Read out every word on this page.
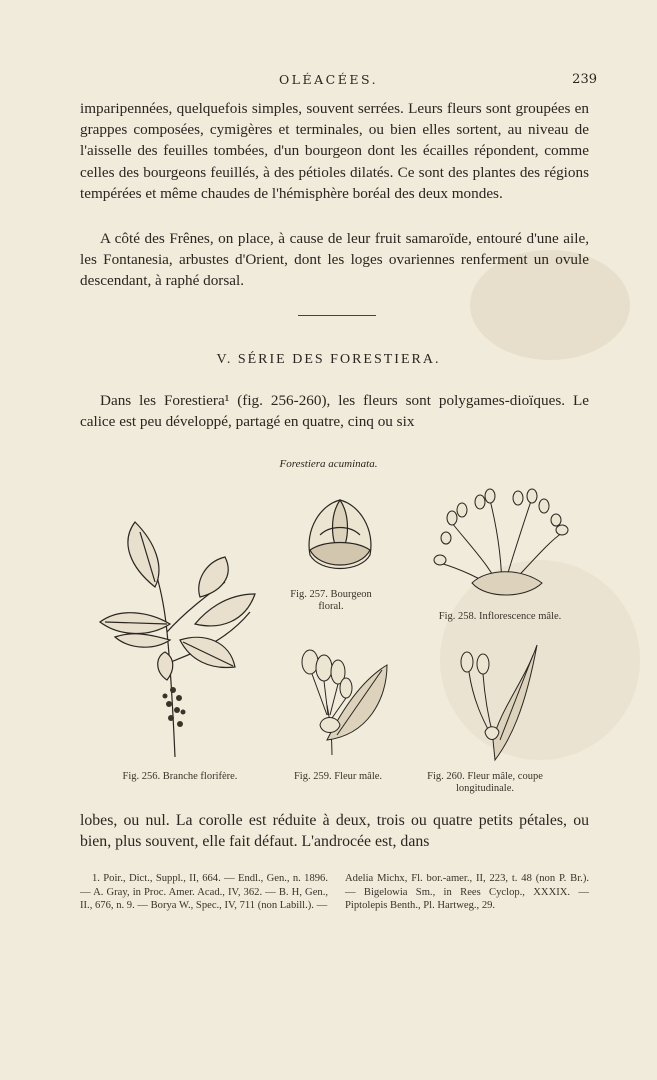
OLÉACÉES.	239
imparipennées, quelquefois simples, souvent serrées. Leurs fleurs sont groupées en grappes composées, cymigères et terminales, ou bien elles sortent, au niveau de l'aisselle des feuilles tombées, d'un bourgeon dont les écailles répondent, comme celles des bourgeons feuillés, à des pétioles dilatés. Ce sont des plantes des régions tempérées et même chaudes de l'hémisphère boréal des deux mondes.
A côté des Frênes, on place, à cause de leur fruit samaroïde, entouré d'une aile, les Fontanesia, arbustes d'Orient, dont les loges ovariennes renferment un ovule descendant, à raphé dorsal.
V. SÉRIE DES FORESTIERA.
Dans les Forestiera¹ (fig. 256-260), les fleurs sont polygames-dioïques. Le calice est peu développé, partagé en quatre, cinq ou six
Forestiera acuminata.
Fig. 257. Bourgeon floral.
Fig. 258. Inflorescence mâle.
Fig. 256. Branche florifère.	Fig. 259. Fleur mâle.	Fig. 260. Fleur mâle, coupe longitudinale.
lobes, ou nul. La corolle est réduite à deux, trois ou quatre petits pétales, ou bien, plus souvent, elle fait défaut. L'androcée est, dans
1. Poir., Dict., Suppl., II, 664. — Endl., Gen., n. 1896. — A. Gray, in Proc. Amer. Acad., IV, 362. — B. H, Gen., II., 676, n. 9. — Borya W., Spec., IV, 711 (non Labill.). —
Adelia Michx, Fl. bor.-amer., II, 223, t. 48 (non P. Br.). — Bigelowia Sm., in Rees Cyclop., XXXIX. — Piptolepis Benth., Pl. Hartweg., 29.
